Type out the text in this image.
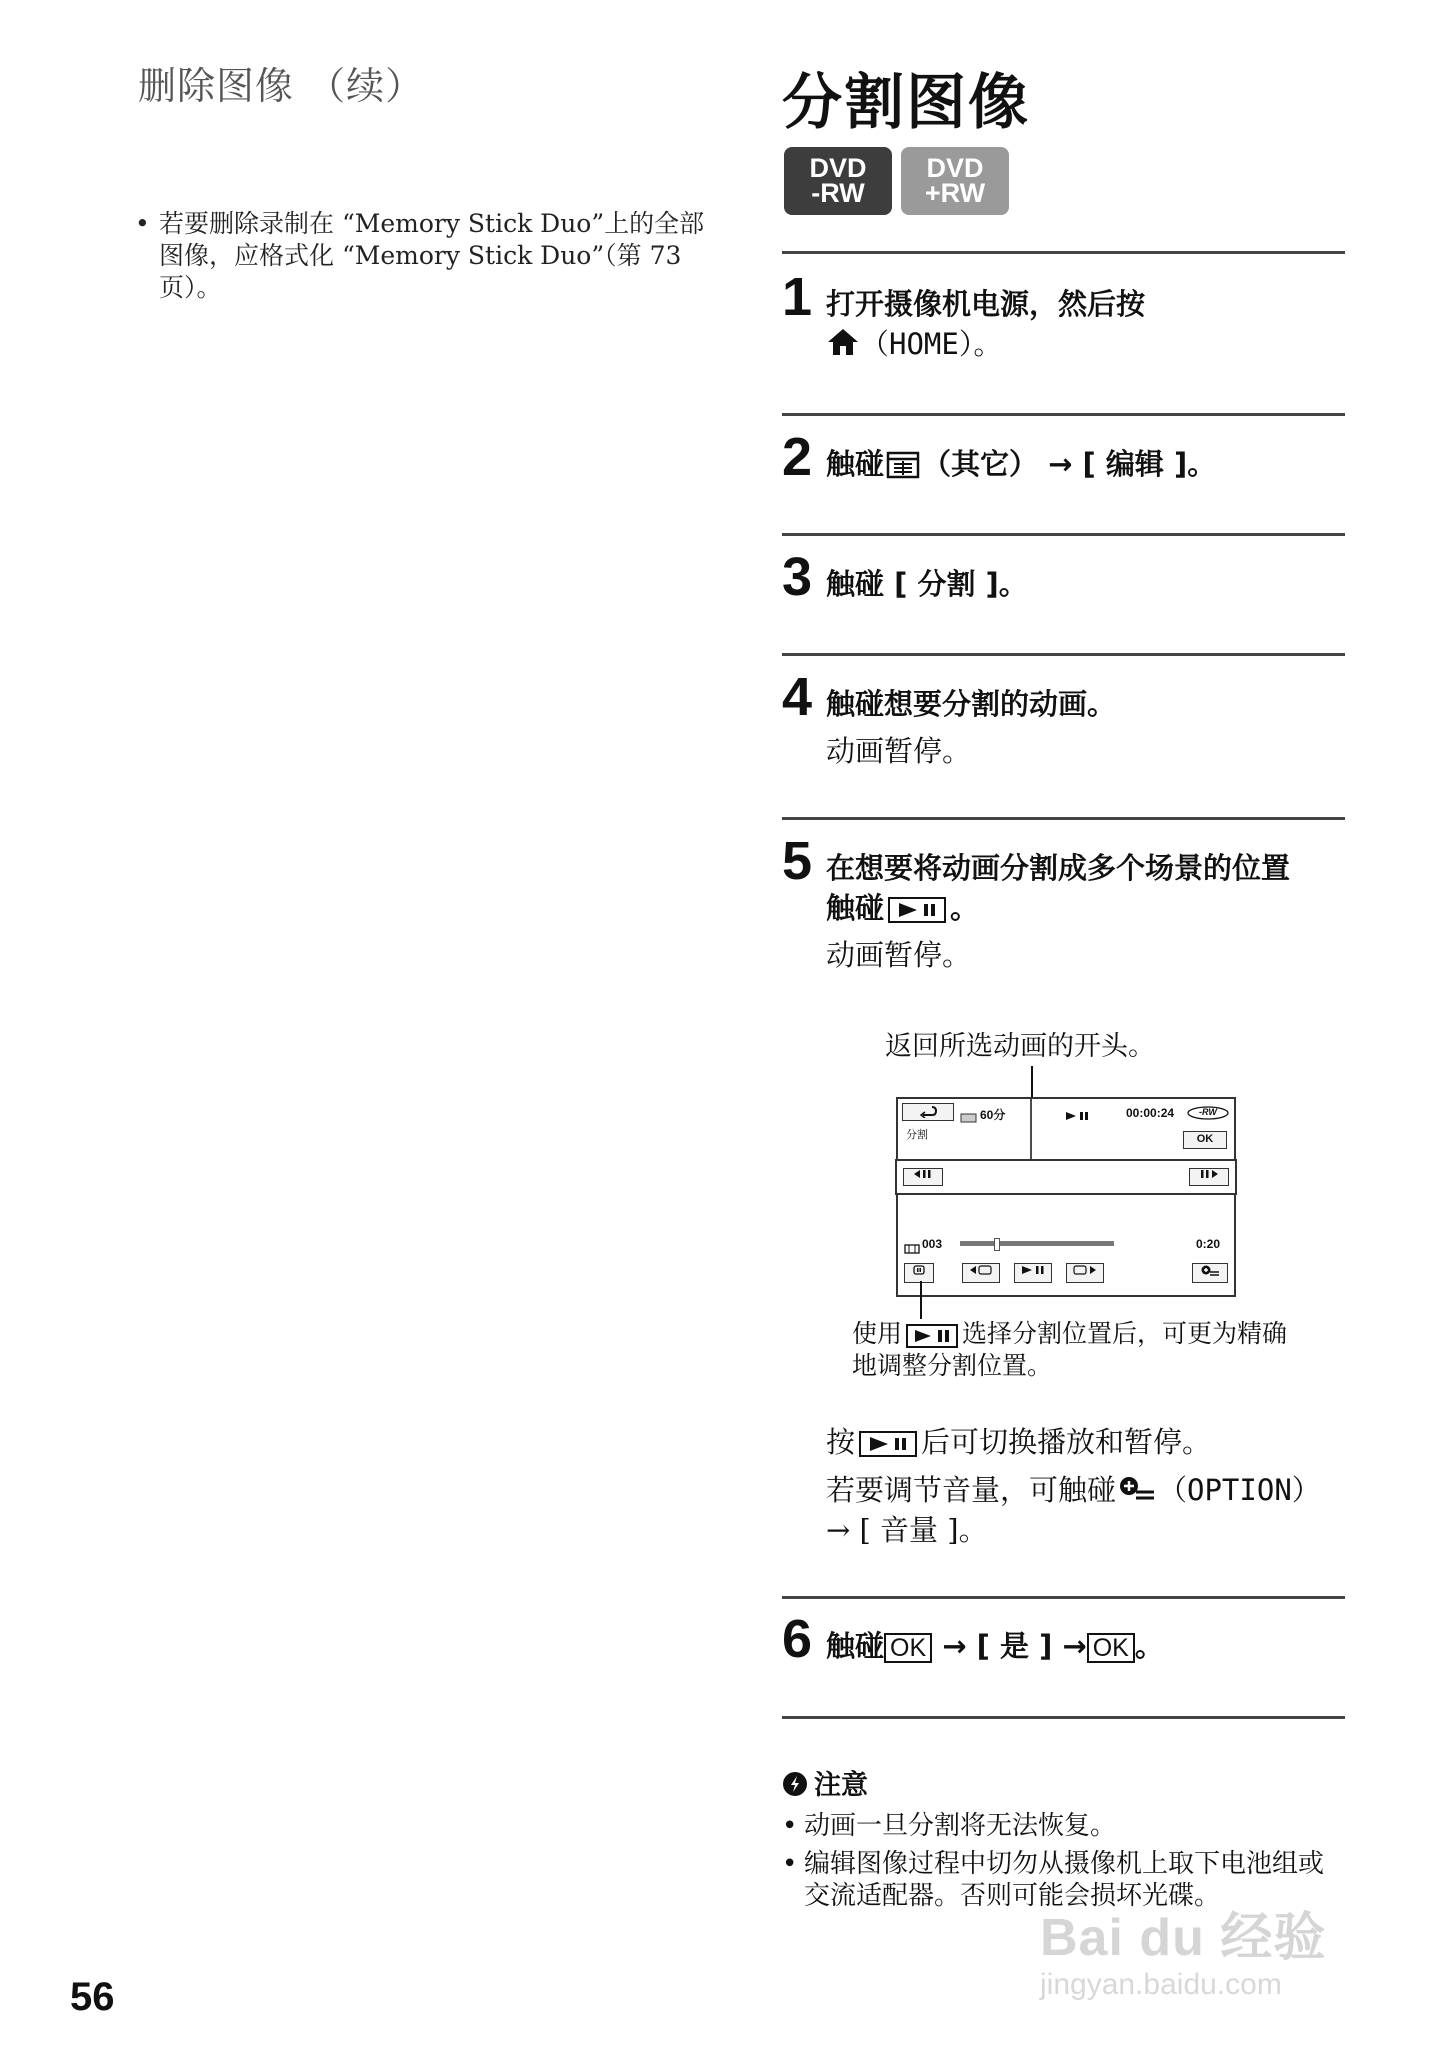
删除图像 （续）
• 若要删除录制在 “Memory Stick Duo”上的全部图像，应格式化 “Memory Stick Duo”（第 73 页）。
分割图像
DVD
-RW
DVD
+RW
1 打开摄像机电源，然后按
（HOME）。
2 触碰 （其它） → [ 编辑 ]。
3 触碰 [ 分割 ]。
4 触碰想要分割的动画。
动画暂停。
5 在想要将动画分割成多个场景的位置
触碰 。
动画暂停。
返回所选动画的开头。
60分
分割
00:00:24	-RW
OK
003	0:20
使用 选择分割位置后，可更为精确地调整分割位置。
按 后可切换播放和暂停。
若要调节音量，可触碰 （OPTION）
→ [ 音量 ]。
6 触碰 OK → [ 是 ] → OK 。
注意
• 动画一旦分割将无法恢复。
• 编辑图像过程中切勿从摄像机上取下电池组或交流适配器。否则可能会损坏光碟。
56
Bai du 经验
jingyan.baidu.com
